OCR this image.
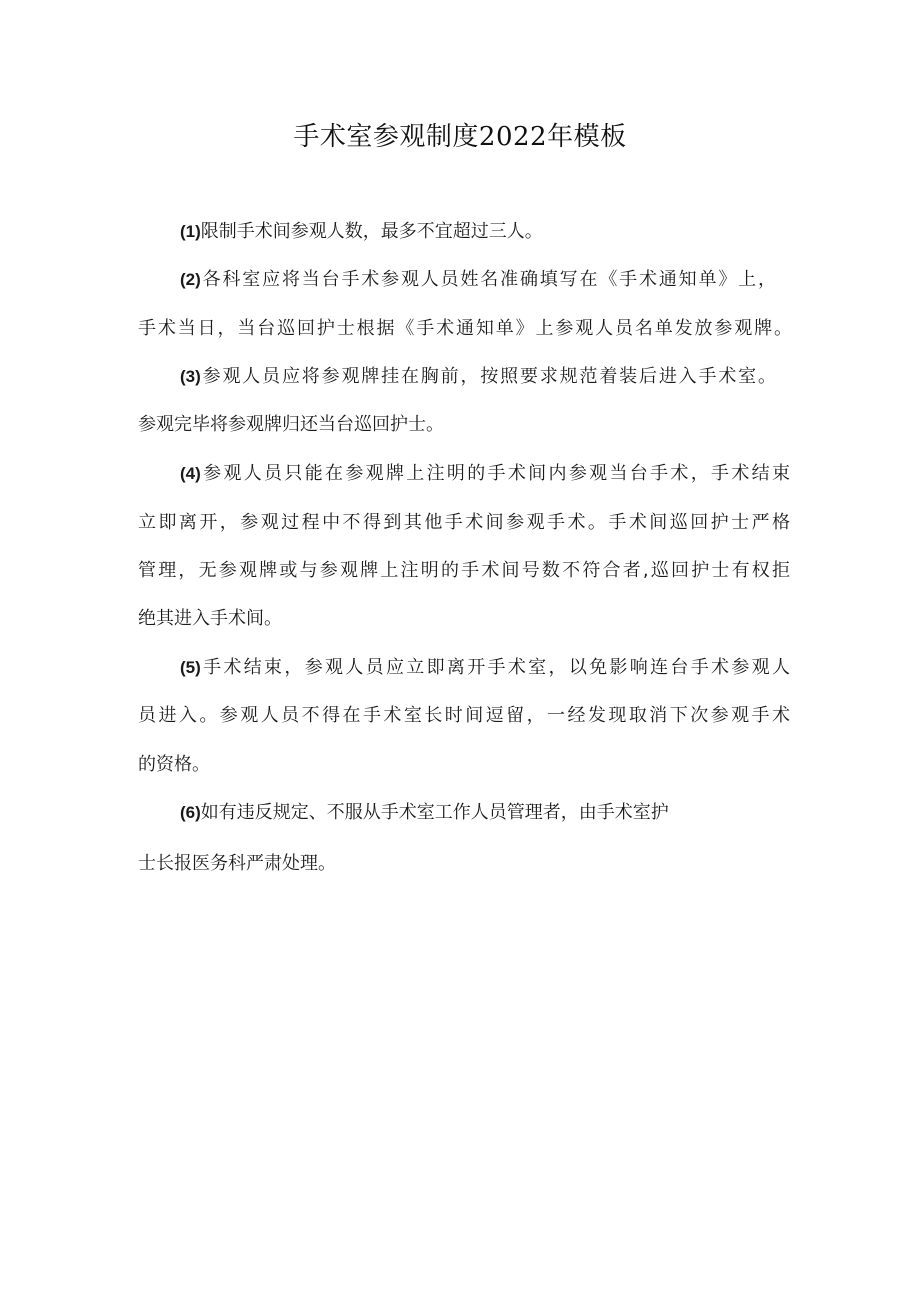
手术室参观制度2022年模板
(1)限制手术间参观人数，最多不宜超过三人。
(2)各科室应将当台手术参观人员姓名准确填写在《手术通知单》上，
手术当日，当台巡回护士根据《手术通知单》上参观人员名单发放参观牌。
(3)参观人员应将参观牌挂在胸前，按照要求规范着装后进入手术室。
参观完毕将参观牌归还当台巡回护士。
(4)参观人员只能在参观牌上注明的手术间内参观当台手术，手术结束
立即离开，参观过程中不得到其他手术间参观手术。手术间巡回护士严格
管理，无参观牌或与参观牌上注明的手术间号数不符合者,巡回护士有权拒
绝其进入手术间。
(5)手术结束，参观人员应立即离开手术室，以免影响连台手术参观人
员进入。参观人员不得在手术室长时间逗留，一经发现取消下次参观手术
的资格。
(6)如有违反规定、不服从手术室工作人员管理者，由手术室护
士长报医务科严肃处理。
